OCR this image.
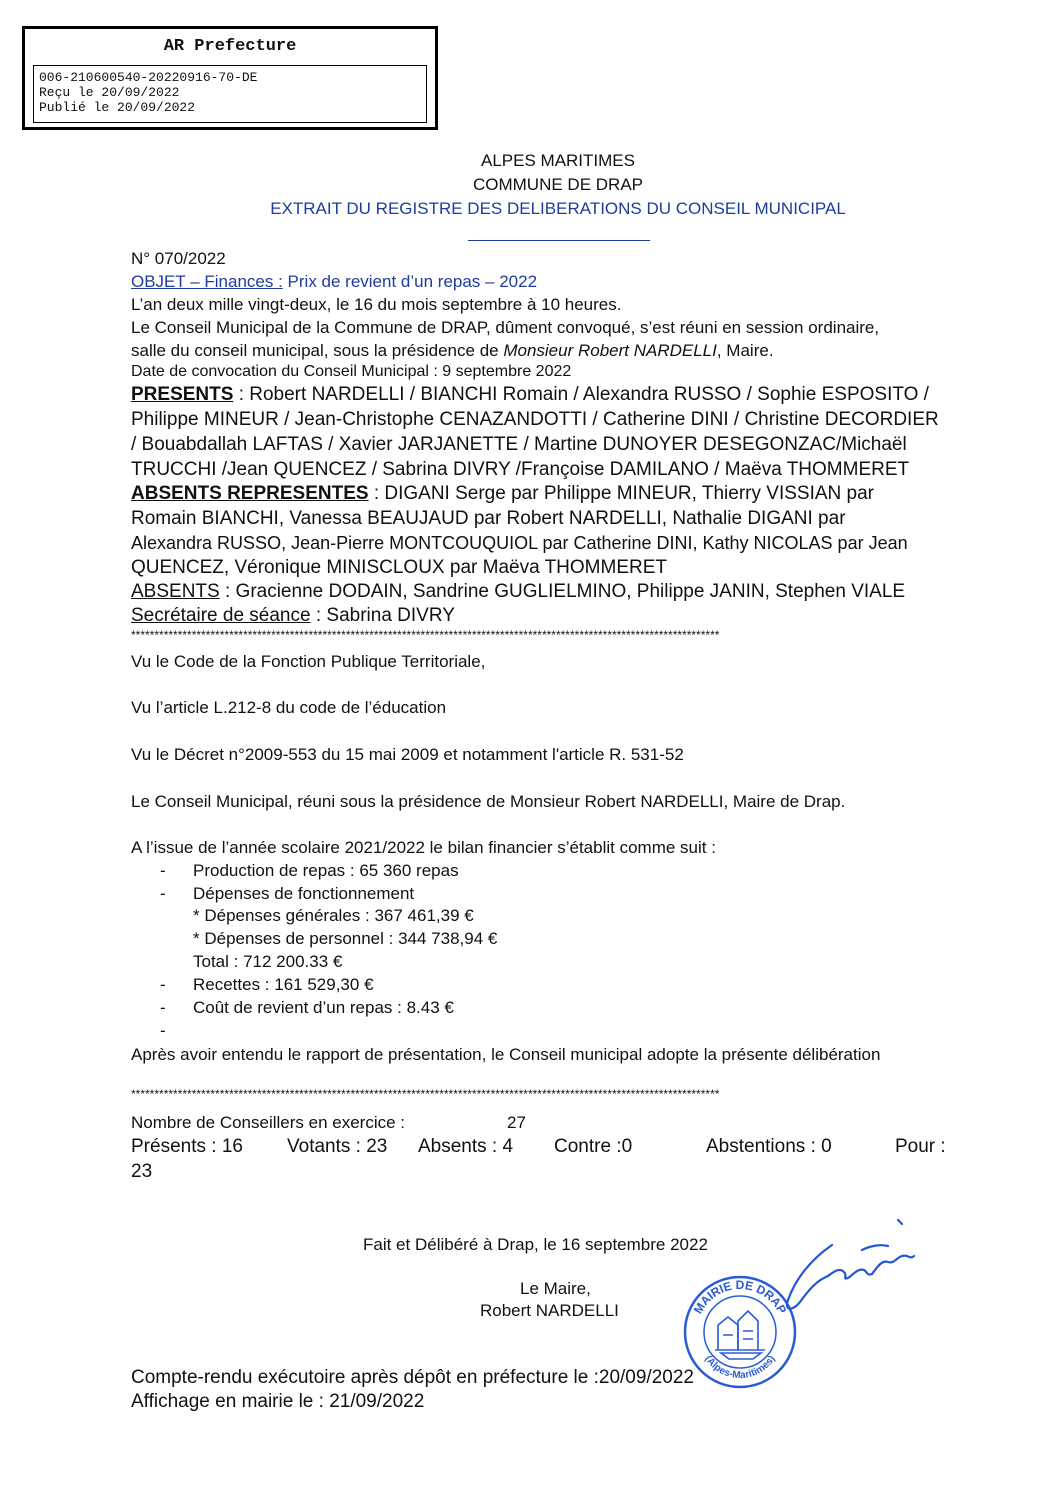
AR Prefecture
006-210600540-20220916-70-DE
Reçu le 20/09/2022
Publié le 20/09/2022
ALPES MARITIMES
COMMUNE DE DRAP
EXTRAIT DU REGISTRE DES DELIBERATIONS DU CONSEIL MUNICIPAL
N° 070/2022
OBJET – Finances : Prix de revient d’un repas – 2022
L’an deux mille vingt-deux, le 16 du mois septembre à 10 heures.
Le Conseil Municipal de la Commune de DRAP, dûment convoqué, s’est réuni en session ordinaire,
salle du conseil municipal, sous la présidence de Monsieur Robert NARDELLI, Maire.
Date de convocation du Conseil Municipal : 9 septembre 2022
PRESENTS : Robert NARDELLI / BIANCHI Romain / Alexandra RUSSO / Sophie ESPOSITO /
Philippe MINEUR / Jean-Christophe CENAZANDOTTI / Catherine DINI / Christine DECORDIER
/ Bouabdallah LAFTAS / Xavier JARJANETTE / Martine DUNOYER DESEGONZAC/Michaël
TRUCCHI /Jean QUENCEZ / Sabrina DIVRY /Françoise DAMILANO / Maëva THOMMERET
ABSENTS REPRESENTES : DIGANI Serge par Philippe MINEUR, Thierry VISSIAN par
Romain BIANCHI, Vanessa BEAUJAUD par Robert NARDELLI, Nathalie DIGANI par
Alexandra RUSSO, Jean-Pierre MONTCOUQUIOL par Catherine DINI, Kathy NICOLAS par Jean
QUENCEZ, Véronique MINISCLOUX par Maëva THOMMERET
ABSENTS : Gracienne DODAIN, Sandrine GUGLIELMINO, Philippe JANIN, Stephen VIALE
Secrétaire de séance : Sabrina DIVRY
******************************************************************************************************************************
Vu le Code de la Fonction Publique Territoriale,
Vu l’article L.212-8 du code de l’éducation
Vu le Décret n°2009-553 du 15 mai 2009 et notamment l'article R. 531-52
Le Conseil Municipal, réuni sous la présidence de Monsieur Robert NARDELLI, Maire de Drap.
A l’issue de l’année scolaire 2021/2022 le bilan financier s’établit comme suit :
- Production de repas : 65 360 repas
- Dépenses de fonctionnement
* Dépenses générales : 367 461,39 €
* Dépenses de personnel : 344 738,94 €
Total : 712 200.33 €
- Recettes : 161 529,30 €
- Coût de revient d’un repas : 8.43 €
-
Après avoir entendu le rapport de présentation, le Conseil municipal adopte la présente délibération
******************************************************************************************************************************
Nombre de Conseillers en exercice :	27
Présents : 16 Votants : 23 Absents : 4 Contre :0	Abstentions : 0	Pour :
23
Fait et Délibéré à Drap, le 16 septembre 2022
Le Maire,
Robert NARDELLI	MAIRIE DE DRAP
(Alpes-Maritimes)
Compte-rendu exécutoire après dépôt en préfecture le :20/09/2022
Affichage en mairie le : 21/09/2022
